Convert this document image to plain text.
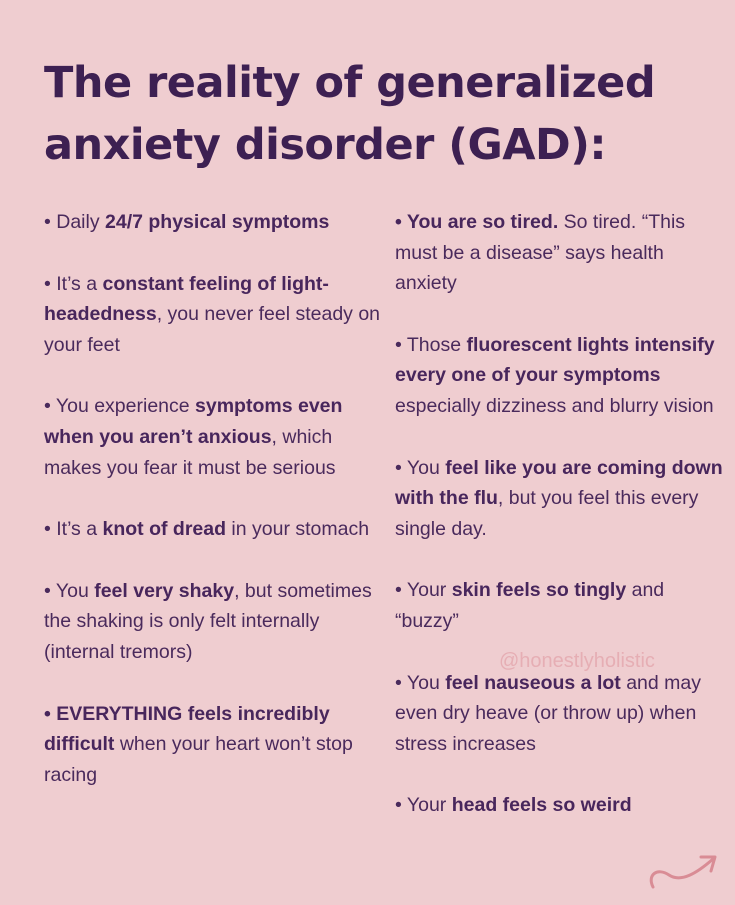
The reality of generalized anxiety disorder (GAD):

• Daily 24/7 physical symptoms

• It’s a constant feeling of light-headedness, you never feel steady on your feet

• You experience symptoms even when you aren’t anxious, which makes you fear it must be serious

• It’s a knot of dread in your stomach

• You feel very shaky, but sometimes the shaking is only felt internally (internal tremors)

• EVERYTHING feels incredibly difficult when your heart won’t stop racing

• You are so tired. So tired. “This must be a disease” says health anxiety

• Those fluorescent lights intensify every one of your symptoms especially dizziness and blurry vision

• You feel like you are coming down with the flu, but you feel this every single day.

• Your skin feels so tingly and “buzzy”

• You feel nauseous a lot and may even dry heave (or throw up) when stress increases

• Your head feels so weird

@honestlyholistic
